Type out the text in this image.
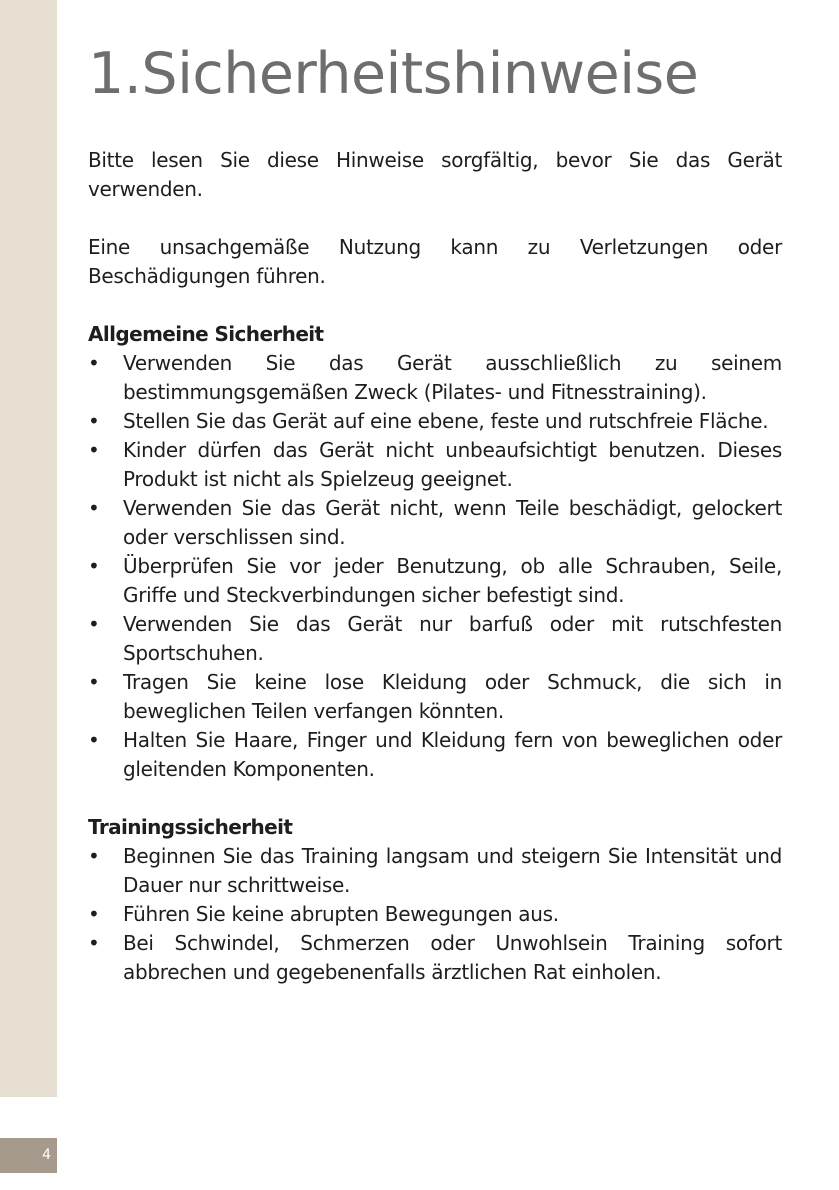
4
1.Sicherheitshinweise

Bitte lesen Sie diese Hinweise sorgfältig, bevor Sie das Gerät verwenden.

Eine unsachgemäße Nutzung kann zu Verletzungen oder Beschädigungen führen.

Allgemeine Sicherheit
• Verwenden Sie das Gerät ausschließlich zu seinem bestimmungsgemäßen Zweck (Pilates- und Fitnesstraining).
• Stellen Sie das Gerät auf eine ebene, feste und rutschfreie Fläche.
• Kinder dürfen das Gerät nicht unbeaufsichtigt benutzen. Dieses Produkt ist nicht als Spielzeug geeignet.
• Verwenden Sie das Gerät nicht, wenn Teile beschädigt, gelockert oder verschlissen sind.
• Überprüfen Sie vor jeder Benutzung, ob alle Schrauben, Seile, Griffe und Steckverbindungen sicher befestigt sind.
• Verwenden Sie das Gerät nur barfuß oder mit rutschfesten Sportschuhen.
• Tragen Sie keine lose Kleidung oder Schmuck, die sich in beweglichen Teilen verfangen könnten.
• Halten Sie Haare, Finger und Kleidung fern von beweglichen oder gleitenden Komponenten.
Trainingssicherheit
• Beginnen Sie das Training langsam und steigern Sie Intensität und Dauer nur schrittweise.
• Führen Sie keine abrupten Bewegungen aus.
• Bei Schwindel, Schmerzen oder Unwohlsein Training sofort abbrechen und gegebenenfalls ärztlichen Rat einholen.
